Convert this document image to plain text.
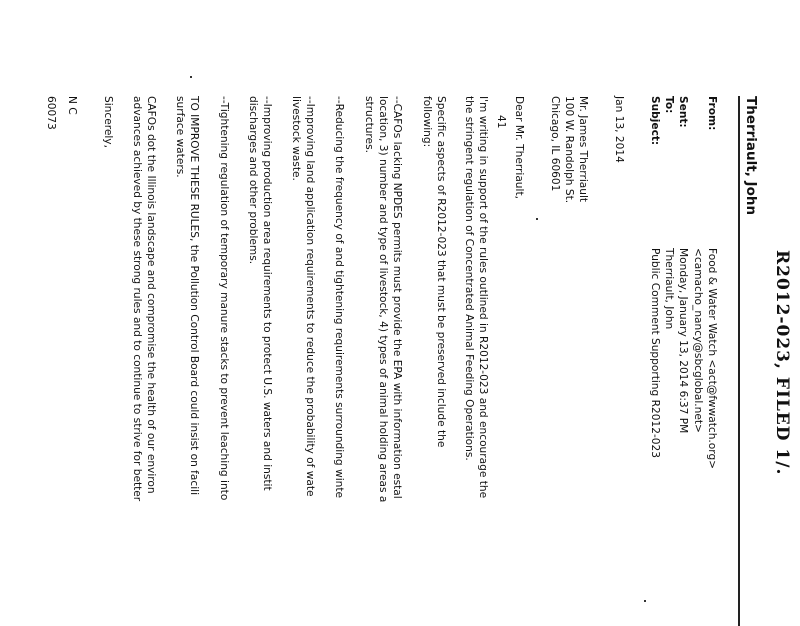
R2012-023, FILED 1/.
Therriault, John
From:
Food & Water Watch <act@fwwatch.org>
<camacho_nancy@sbcglobal.net>
Sent:
Monday, January 13, 2014 6:37 PM
To:
Therriault, John
Subject:
Public Comment Supporting R2012-023
Jan 13, 2014
Mr. James Therriault
100 W. Randolph St.
Chicago, IL 60601
Dear Mr. Therriault,
I'm writing in support of the rules outlined in R2012-023 and encourage the
the stringent regulation of Concentrated Animal Feeding Operations.
Specific aspects of R2012-023 that must be preserved include the
following:
--CAFOs lacking NPDES permits must provide the EPA with information estal
location, 3) number and type of livestock, 4) types of animal holding areas a
structures.
--Reducing the frequency of and tightening requirements surrounding winte
--Improving land application requirements to reduce the probability of wate
livestock waste.
--Improving production area requirements to protect U.S. waters and instit
discharges and other problems.
--Tightening regulation of temporary manure stacks to prevent leaching into
TO IMPROVE THESE RULES, the Pollution Control Board could insist on facili
surface waters.
CAFOs dot the Illinois landscape and compromise the health of our environ
advances achieved by these strong rules and to continue to strive for better
Sincerely,
N C
60073	41
